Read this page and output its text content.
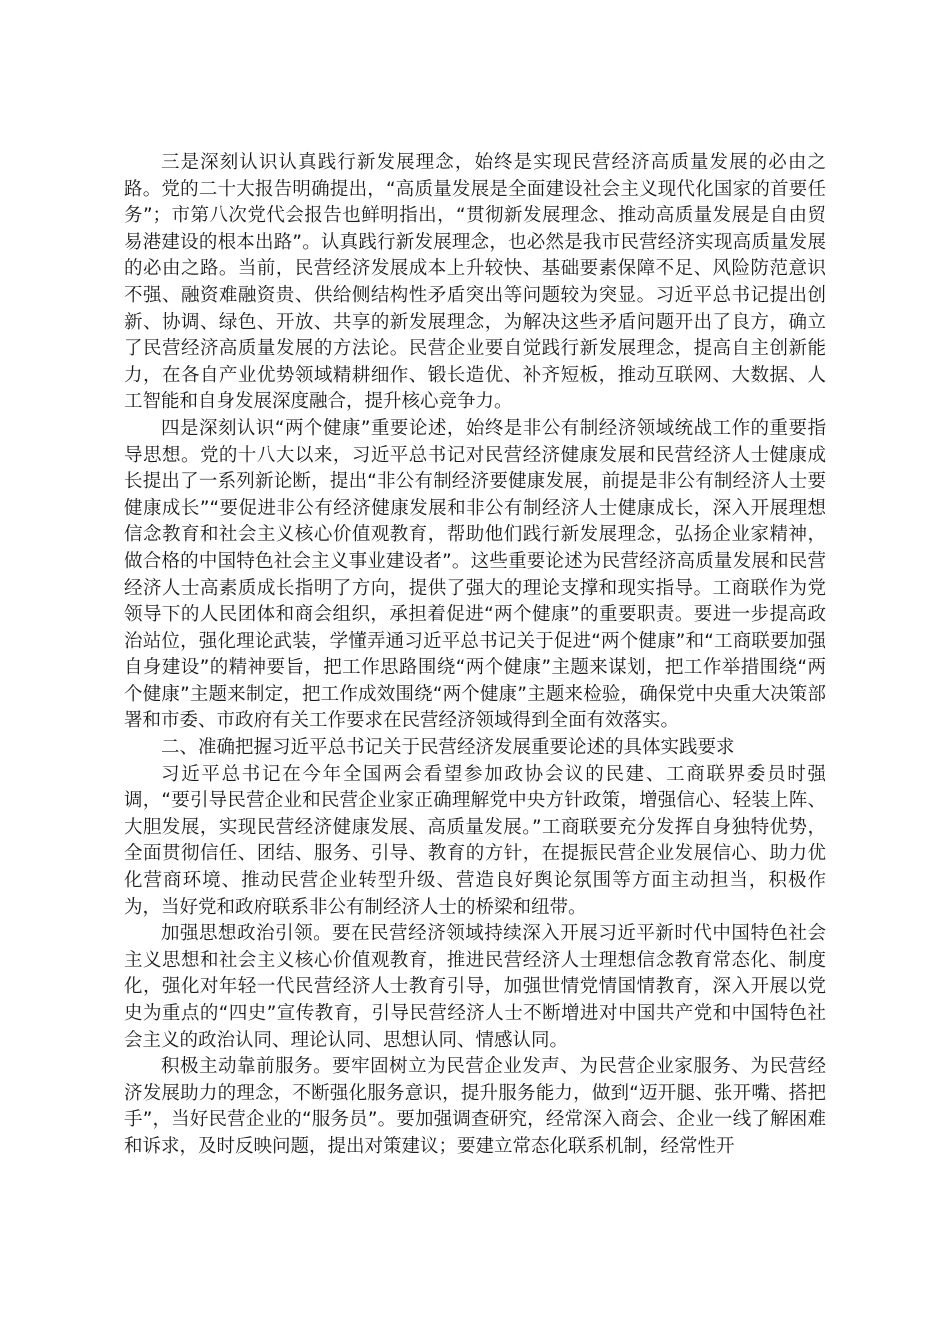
三是深刻认识认真践行新发展理念，始终是实现民营经济高质量发展的必由之路。党的二十大报告明确提出，“高质量发展是全面建设社会主义现代化国家的首要任务”；市第八次党代会报告也鲜明指出，“贯彻新发展理念、推动高质量发展是自由贸易港建设的根本出路”。认真践行新发展理念，也必然是我市民营经济实现高质量发展的必由之路。当前，民营经济发展成本上升较快、基础要素保障不足、风险防范意识不强、融资难融资贵、供给侧结构性矛盾突出等问题较为突显。习近平总书记提出创新、协调、绿色、开放、共享的新发展理念，为解决这些矛盾问题开出了良方，确立了民营经济高质量发展的方法论。民营企业要自觉践行新发展理念，提高自主创新能力，在各自产业优势领域精耕细作、锻长造优、补齐短板，推动互联网、大数据、人工智能和自身发展深度融合，提升核心竞争力。

四是深刻认识“两个健康”重要论述，始终是非公有制经济领域统战工作的重要指导思想。党的十八大以来，习近平总书记对民营经济健康发展和民营经济人士健康成长提出了一系列新论断，提出“非公有制经济要健康发展，前提是非公有制经济人士要健康成长”“要促进非公有经济健康发展和非公有制经济人士健康成长，深入开展理想信念教育和社会主义核心价值观教育，帮助他们践行新发展理念，弘扬企业家精神，做合格的中国特色社会主义事业建设者”。这些重要论述为民营经济高质量发展和民营经济人士高素质成长指明了方向，提供了强大的理论支撑和现实指导。工商联作为党领导下的人民团体和商会组织，承担着促进“两个健康”的重要职责。要进一步提高政治站位，强化理论武装，学懂弄通习近平总书记关于促进“两个健康”和“工商联要加强自身建设”的精神要旨，把工作思路围绕“两个健康”主题来谋划，把工作举措围绕“两个健康”主题来制定，把工作成效围绕“两个健康”主题来检验，确保党中央重大决策部署和市委、市政府有关工作要求在民营经济领域得到全面有效落实。

二、准确把握习近平总书记关于民营经济发展重要论述的具体实践要求

习近平总书记在今年全国两会看望参加政协会议的民建、工商联界委员时强调，“要引导民营企业和民营企业家正确理解党中央方针政策，增强信心、轻装上阵、大胆发展，实现民营经济健康发展、高质量发展。”工商联要充分发挥自身独特优势，全面贯彻信任、团结、服务、引导、教育的方针，在提振民营企业发展信心、助力优化营商环境、推动民营企业转型升级、营造良好舆论氛围等方面主动担当，积极作为，当好党和政府联系非公有制经济人士的桥梁和纽带。

加强思想政治引领。要在民营经济领域持续深入开展习近平新时代中国特色社会主义思想和社会主义核心价值观教育，推进民营经济人士理想信念教育常态化、制度化，强化对年轻一代民营经济人士教育引导，加强世情党情国情教育，深入开展以党史为重点的“四史”宣传教育，引导民营经济人士不断增进对中国共产党和中国特色社会主义的政治认同、理论认同、思想认同、情感认同。

积极主动靠前服务。要牢固树立为民营企业发声、为民营企业家服务、为民营经济发展助力的理念，不断强化服务意识，提升服务能力，做到“迈开腿、张开嘴、搭把手”，当好民营企业的“服务员”。要加强调查研究，经常深入商会、企业一线了解困难和诉求，及时反映问题，提出对策建议；要建立常态化联系机制，经常性开
